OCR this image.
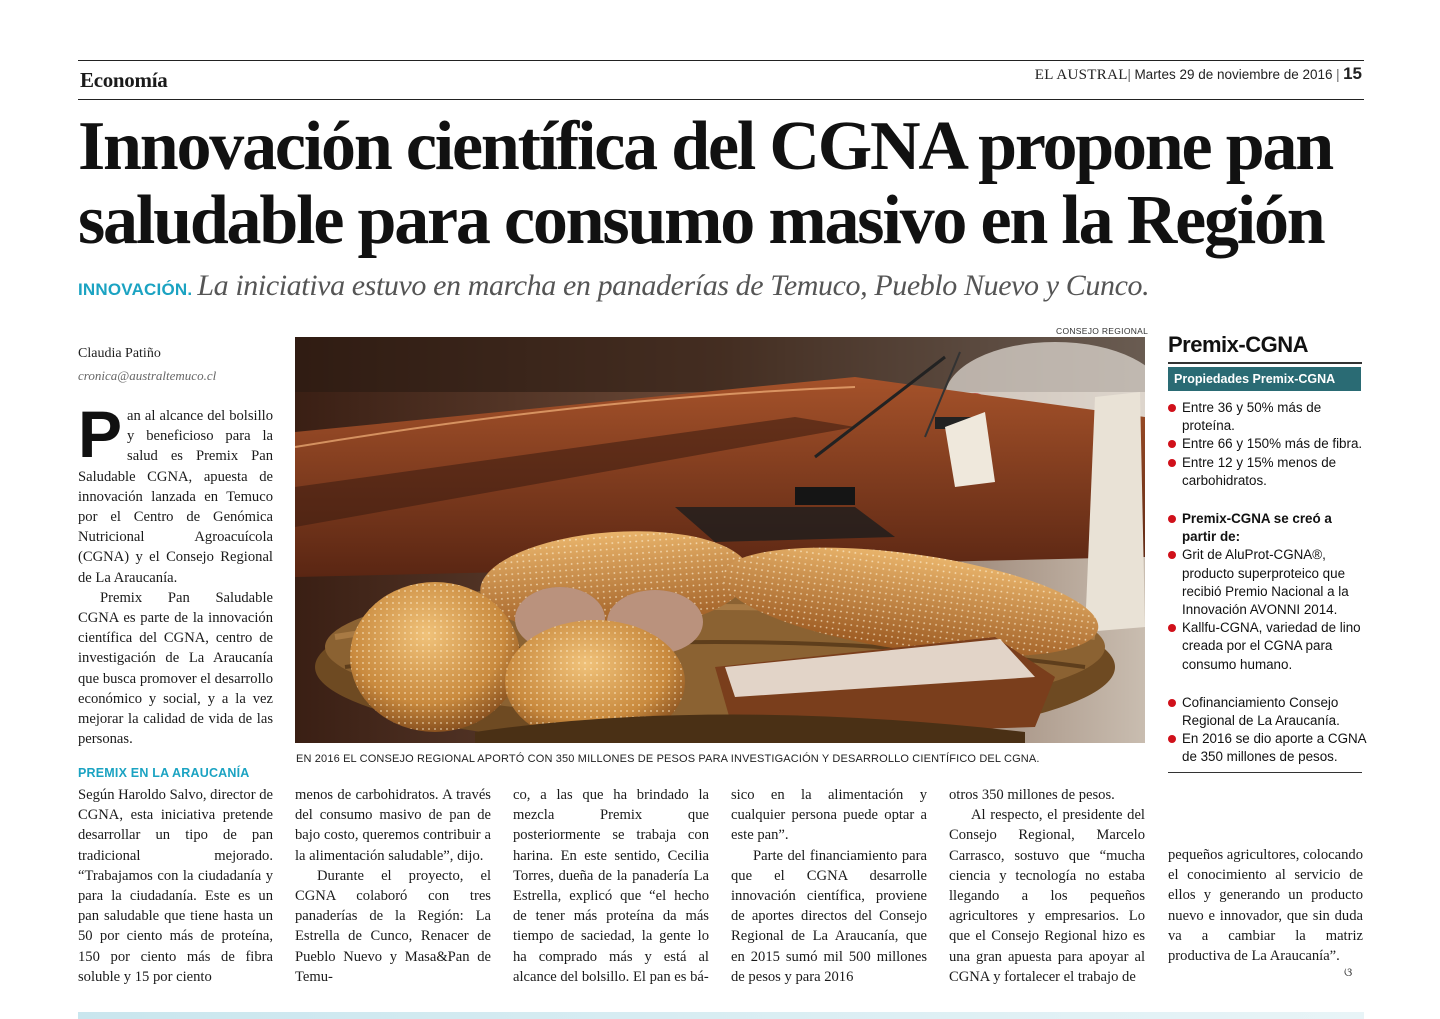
Economía	EL AUSTRAL| Martes 29 de noviembre de 2016 | 15
Innovación científica del CGNA propone pan
saludable para consumo masivo en la Región
INNOVACIÓN. La iniciativa estuvo en marcha en panaderías de Temuco, Pueblo Nuevo y Cunco.
Claudia Patiño
cronica@australtemuco.cl

Pan al alcance del bolsillo y beneficioso para la salud es Premix Pan Saludable CGNA, apuesta de innovación lanzada en Temuco por el Centro de Genómica Nutricional Agroacuícola (CGNA) y el Consejo Regional de La Araucanía.

Premix Pan Saludable CGNA es parte de la innovación científica del CGNA, centro de investigación de La Araucanía que busca promover el desarrollo económico y social, y a la vez mejorar la calidad de vida de las personas.

PREMIX EN LA ARAUCANÍA

Según Haroldo Salvo, director de CGNA, esta iniciativa pretende desarrollar un tipo de pan tradicional mejorado. “Trabajamos con la ciudadanía y para la ciudadanía. Este es un pan saludable que tiene hasta un 50 por ciento más de proteína, 150 por ciento más de fibra soluble y 15 por ciento

CONSEJO REGIONAL
EN 2016 EL CONSEJO REGIONAL APORTÓ CON 350 MILLONES DE PESOS PARA INVESTIGACIÓN Y DESARROLLO CIENTÍFICO DEL CGNA.

menos de carbohidratos. A través del consumo masivo de pan de bajo costo, queremos contribuir a la alimentación saludable”, dijo.

Durante el proyecto, el CGNA colaboró con tres panaderías de la Región: La Estrella de Cunco, Renacer de Pueblo Nuevo y Masa&Pan de Temu-

co, a las que ha brindado la mezcla Premix que posteriormente se trabaja con harina. En este sentido, Cecilia Torres, dueña de la panadería La Estrella, explicó que “el hecho de tener más proteína da más tiempo de saciedad, la gente lo ha comprado más y está al alcance del bolsillo. El pan es bá-

sico en la alimentación y cualquier persona puede optar a este pan”.

Parte del financiamiento para que el CGNA desarrolle innovación científica, proviene de aportes directos del Consejo Regional de La Araucanía, que en 2015 sumó mil 500 millones de pesos y para 2016

otros 350 millones de pesos.

Al respecto, el presidente del Consejo Regional, Marcelo Carrasco, sostuvo que “mucha ciencia y tecnología no estaba llegando a los pequeños agricultores y empresarios. Lo que el Consejo Regional hizo es una gran apuesta para apoyar al CGNA y fortalecer el trabajo de

pequeños agricultores, colocando el conocimiento al servicio de ellos y generando un producto nuevo e innovador, que sin duda va a cambiar la matriz productiva de La Araucanía”.

ଓ
Premix-CGNA
Propiedades Premix-CGNA
Entre 36 y 50% más de proteína.
Entre 66 y 150% más de fibra.
Entre 12 y 15% menos de carbohidratos.
Premix-CGNA se creó a partir de:
Grit de AluProt-CGNA®, producto superproteico que recibió Premio Nacional a la Innovación AVONNI 2014.
Kallfu-CGNA, variedad de lino creada por el CGNA para consumo humano.
Cofinanciamiento Consejo Regional de La Araucanía.
En 2016 se dio aporte a CGNA de 350 millones de pesos.
